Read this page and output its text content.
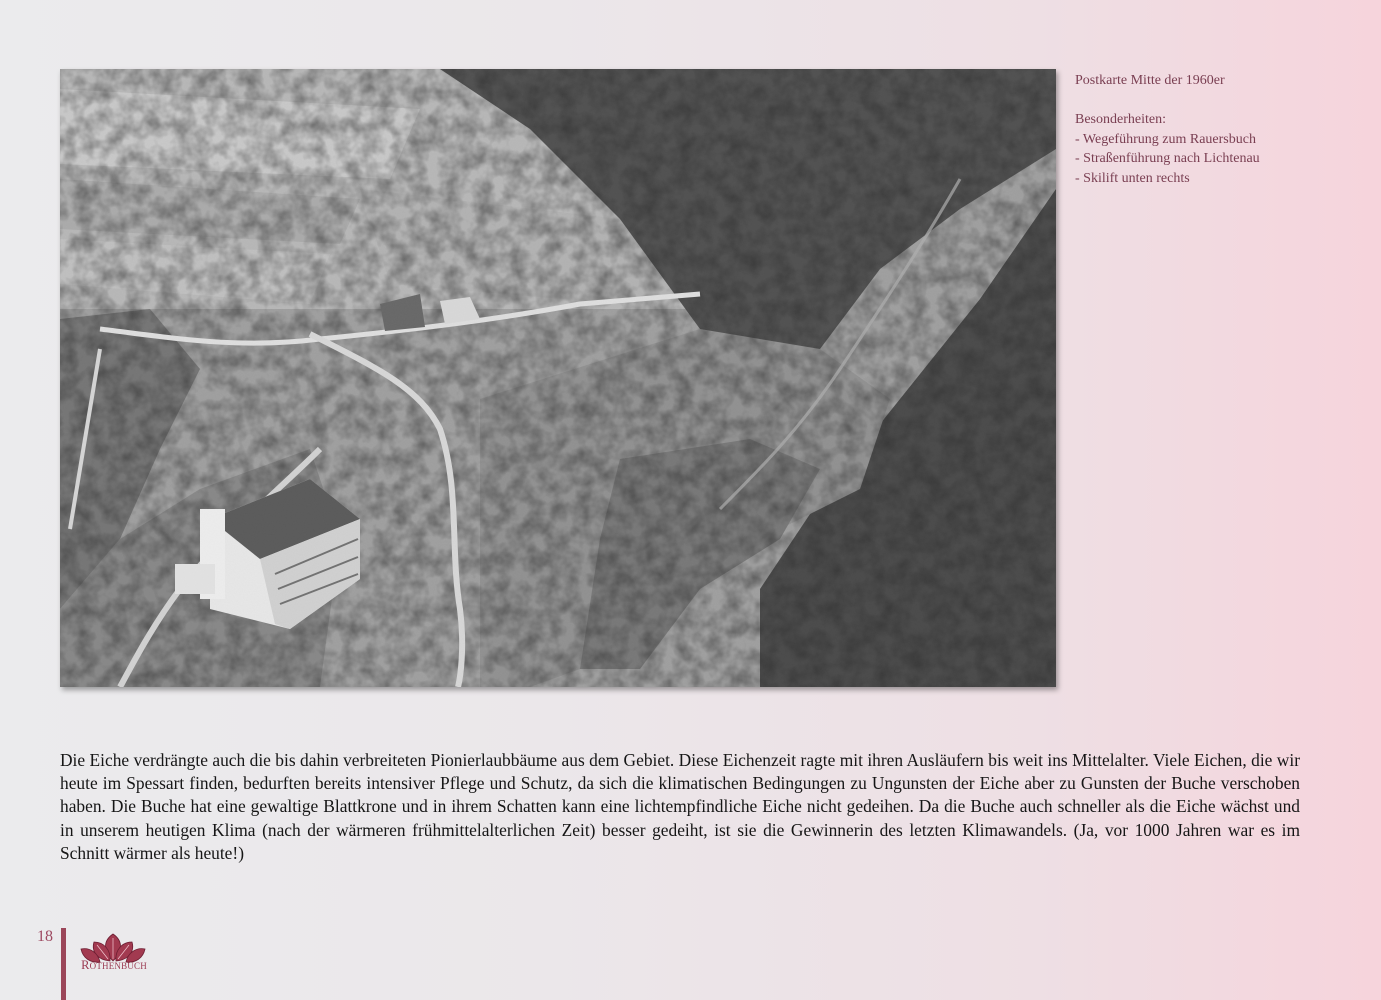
Postkarte Mitte der 1960er

Besonderheiten:

- Wegeführung zum Rauersbuch
- Straßenführung nach Lichtenau
- Skilift unten rechts

Die Eiche verdrängte auch die bis dahin verbreiteten Pionierlaubbäume aus dem Gebiet. Diese Eichenzeit ragte mit ihren Ausläufern bis weit ins Mittelalter. Viele Eichen, die wir heute im Spessart finden, bedurften bereits intensiver Pflege und Schutz, da sich die klimatischen Bedingungen zu Ungunsten der Eiche aber zu Gunsten der Buche verschoben haben. Die Buche hat eine gewaltige Blattkrone und in ihrem Schatten kann eine lichtempfindliche Eiche nicht gedeihen. Da die Buche auch schneller als die Eiche wächst und in unserem heutigen Klima (nach der wärmeren frühmittelalterlichen Zeit) besser gedeiht, ist sie die Gewinnerin des letzten Klimawandels. (Ja, vor 1000 Jahren war es im Schnitt wärmer als heute!)

18
Rothenbuch
